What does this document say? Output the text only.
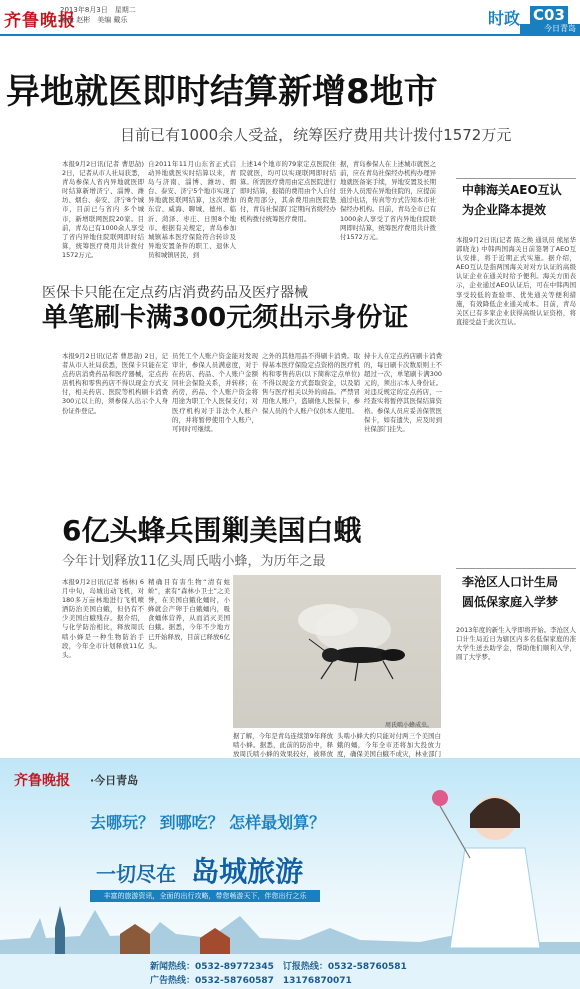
齐鲁晚报
2013年8月3日　星期二
编辑 赵彬　美编 戴乐	时政 C03
今日青岛
异地就医即时结算新增8地市
目前已有1000余人受益，统筹医疗费用共计拨付1572万元
本报9月2日讯(记者 曹思劼) 2日，记者从市人社局获悉，青岛参保人省内异地就医即时结算新增济宁、淄博、潍坊、烟台、泰安、济宁8个城市，目前已与省内 多个城市，新增联网医院20家。目前，青岛已有1000余人享受了省内异地住院联网即时结算，统筹医疗费用共计拨付1572万元。
自2011年11月山东省正式启动异地就医实时结算以来，青岛与济南、淄博、潍坊、烟台、泰安、济宁5个地市实现了异地就医联网结算，这次增加东营、威海、聊城、德州、临沂、菏泽、枣庄、日照8个地市。根据有关规定，青岛参加城镇基本医疗保险符合转诊及异地安置条件的职工、退休人员和城镇居民，到
上述14个地市的79家定点医院住院就医，均可以实现联网即时结算。所需医疗费用由定点医院进行即时结算，报销的费用由个人自付的费用部分，其余费用由医院垫付，青岛社保部门定期向省级经办机构拨付统筹医疗费用。
据，青岛参保人在上述城市就医之前，应在青岛社保经办机构办理异地就医备案手续，异地安置及长期驻外人员需在异地住院的，应提前通过电话，传真等方式告知本市社保经办机构。目前，青岛全市已有1000余人享受了省内异地住院联网即时结算，统筹医疗费用共计拨付1572万元。
医保卡只能在定点药店消费药品及医疗器械
单笔刷卡满300元须出示身份证
本报9月2日讯(记者 曹思劼) 2日，记者从市人社局获悉，医保卡只能在定点药店消费药品和医疗器械，定点药店机构和零售药店不得以现金方式支付，相关药店、医院等机构刷卡消费300元以上的，须参保人出示个人身份证件登记。
员凭工个人账户资金能对发现审计，参保人员满意度，对于在药店、药品、个人账户金额同社会保险关系，并转移；在药房，药品、个人账户资金将用途为职工个人医保支付；对医疗机构对于非法个人账户的，并将暂停使用个人账户，可同时可继续。
之外的其他用品不得刷卡消费。取得基本医疗保险定点资格的医疗机构和零售药店(以下简称定点单位)不得以现金方式套取资金，以及销售与医疗相关以外的商品。严禁冒用他人账户，盗刷他人医保卡，参保人员的个人账户仅供本人使用。
持卡人在定点药店刷卡消费的，每日刷卡次数原则上不超过一次，单笔刷卡满300元的，须出示本人身份证。对违反规定的定点药店，一经查实将暂停其医保结算资格。参保人员应妥善保管医保卡，如有遗失，应及时到社保部门挂失。
6亿头蜂兵围剿美国白蛾
今年计划释放11亿头周氏啮小蜂，为历年之最
本报9月2日讯(记者 杨林) 6月中旬，岛城出动飞机，对180多万亩林地进行飞机喷洒防治美国白蛾，但仍有不少美国白蛾残存。据介绍，与化学防治相比，释放周氏啮小蜂是一种生物防治手段，今年全市计划释放11亿头。
精确目有害生物“清有蛀蚧”，素有“森林小卫士”之美誉，在美国白蛾化蛹时，小蜂就会产卵于白蛾蛹内，吸食蛹体营养，从而消灭美国白蛾。据悉，今年不少地方已开始释放，目前已释放6亿头。
周氏啮小蜂成虫。
据了解，今年是青岛连续第9年释放啮小蜂。据悉，此前的防治中，释放周氏啮小蜂的效果较好，被释放
头啮小蜂大约只能对付两三个美国白蛾的蛹，今年全市还将加大投放力度，确保美国白蛾不成灾，林业部门
中韩海关AEO互认
为企业降本提效
本报9月2日讯(记者 陈之焕 通讯员 熊星华 郭晓龙) 中韩两国海关日前签署了AEO互认安排，将于近期正式实施。据介绍，AEO互认是指两国海关对对方认证的高级认证企业在通关时给予便利。海关方面表示，企业通过AEO认证后，可在中韩两国享受较低的查验率、优先通关等便利措施，有效降低企业通关成本。目前，青岛关区已有多家企业获得高级认证资格，将直接受益于此次互认。
李沧区人口计生局
圆低保家庭入学梦
2013年度的新生入学即将开始。李沧区人口计生局近日为辖区内多名低保家庭的准大学生送去助学金，帮助他们顺利入学，圆了大学梦。
齐鲁晚报 ·今日青岛
去哪玩？ 到哪吃？ 怎样最划算？
一切尽在 岛城旅游
丰富的旅游资讯，全面的出行攻略，带您畅游天下，伴您出行之乐
新闻热线：0532-89772345　订报热线：0532-58760581
广告热线：0532-58760587　13176870071
